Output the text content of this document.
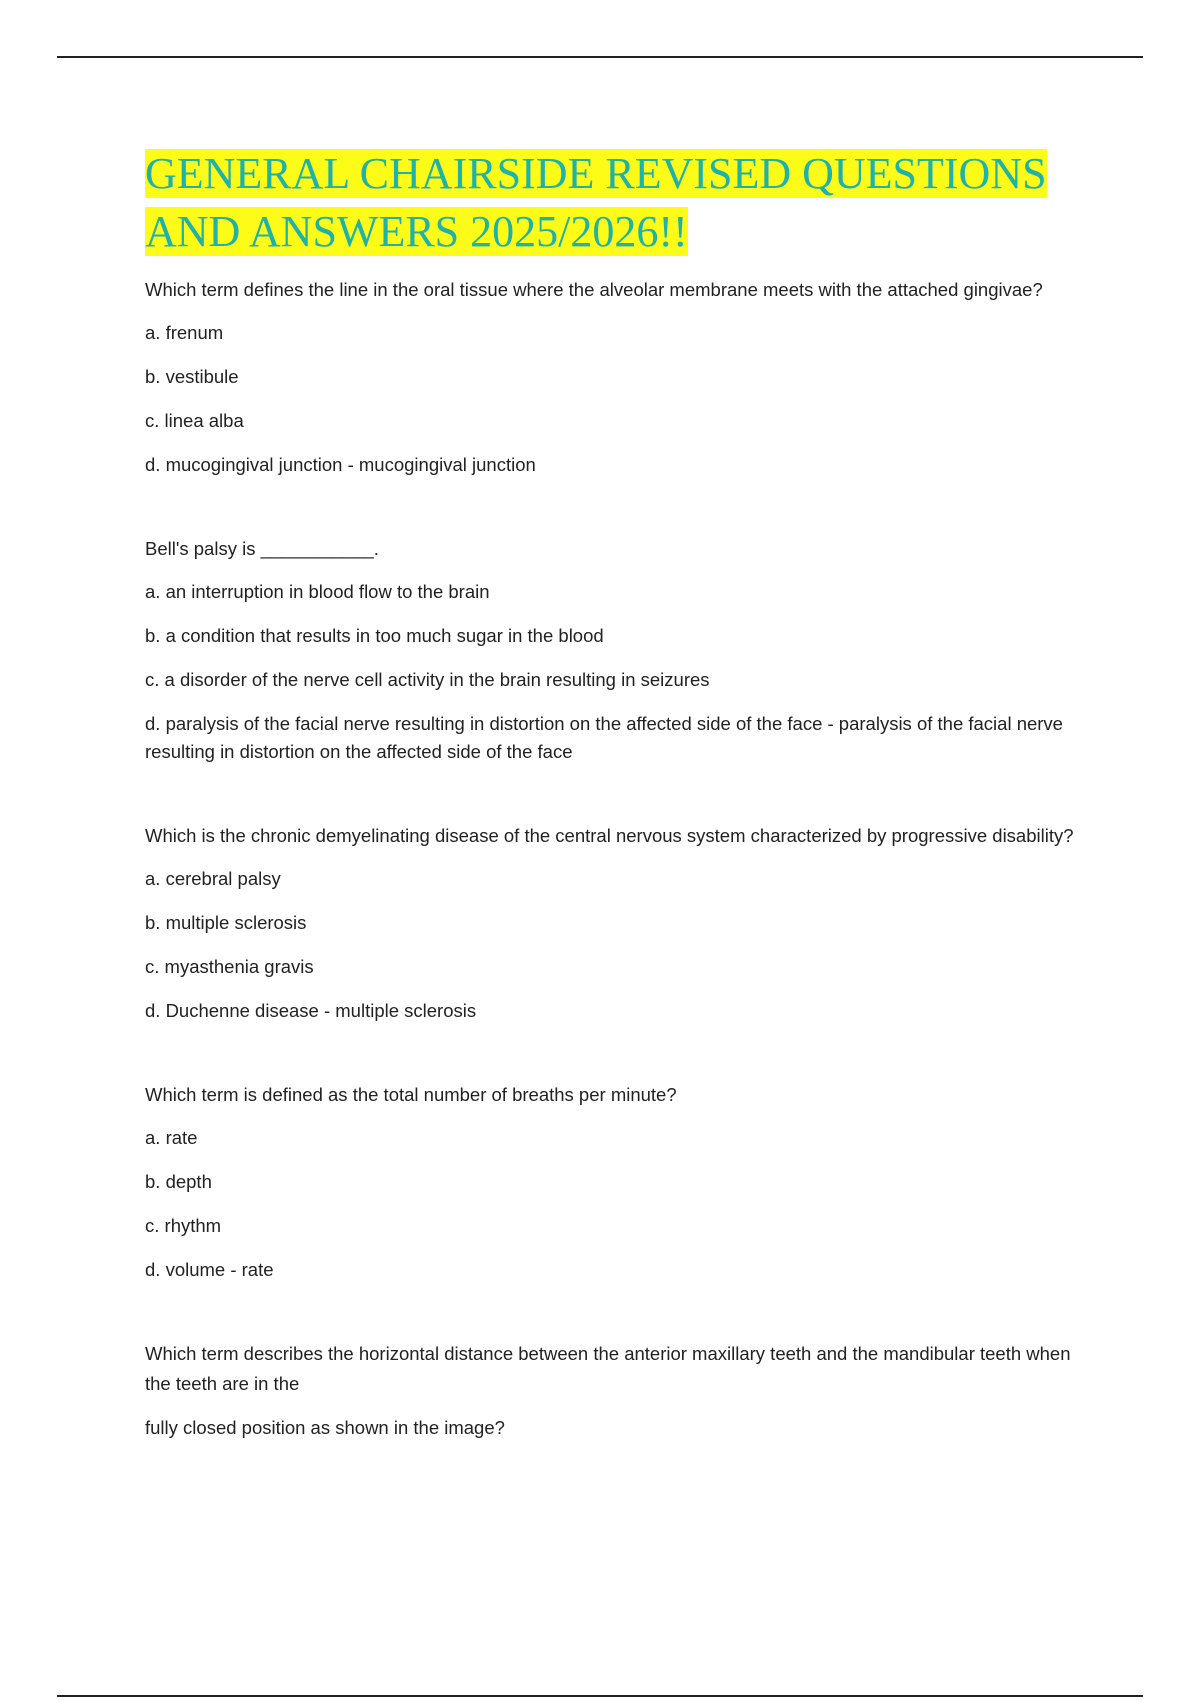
GENERAL CHAIRSIDE REVISED QUESTIONS AND ANSWERS 2025/2026!!

Which term defines the line in the oral tissue where the alveolar membrane meets with the attached gingivae?

a. frenum

b. vestibule

c. linea alba

d. mucogingival junction - mucogingival junction

Bell's palsy is ___________.

a. an interruption in blood flow to the brain

b. a condition that results in too much sugar in the blood

c. a disorder of the nerve cell activity in the brain resulting in seizures

d. paralysis of the facial nerve resulting in distortion on the affected side of the face - paralysis of the facial nerve resulting in distortion on the affected side of the face

Which is the chronic demyelinating disease of the central nervous system characterized by progressive disability?

a. cerebral palsy

b. multiple sclerosis

c. myasthenia gravis

d. Duchenne disease - multiple sclerosis

Which term is defined as the total number of breaths per minute?

a. rate

b. depth

c. rhythm

d. volume - rate

Which term describes the horizontal distance between the anterior maxillary teeth and the mandibular teeth when the teeth are in the

fully closed position as shown in the image?
